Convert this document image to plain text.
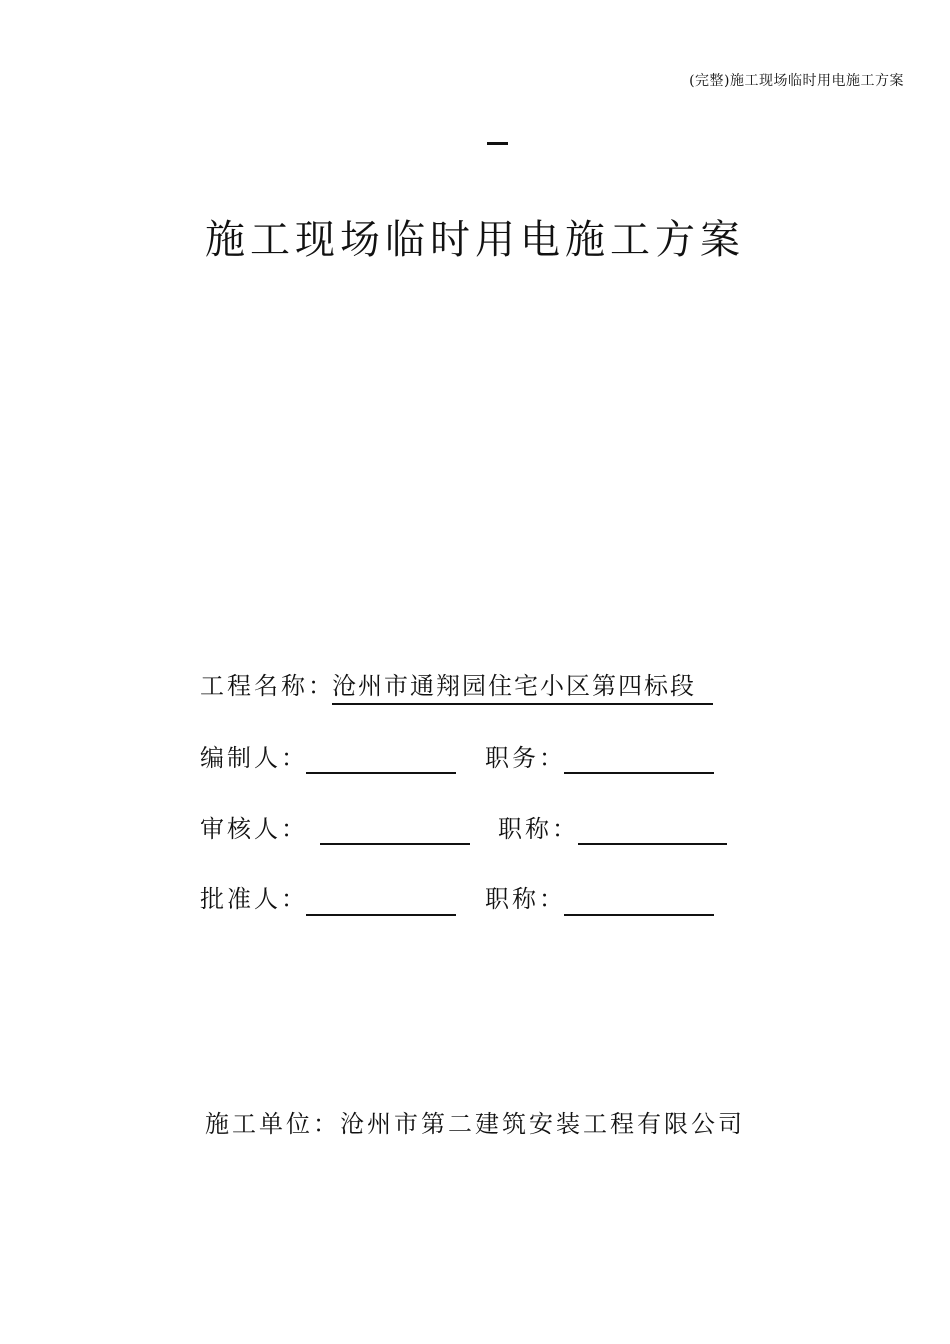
(完整)施工现场临时用电施工方案
施工现场临时用电施工方案
工程名称：
沧州市通翔园住宅小区第四标段
编制人：	职务：
审核人：	职称：
批准人：	职称：
施工单位：沧州市第二建筑安装工程有限公司
